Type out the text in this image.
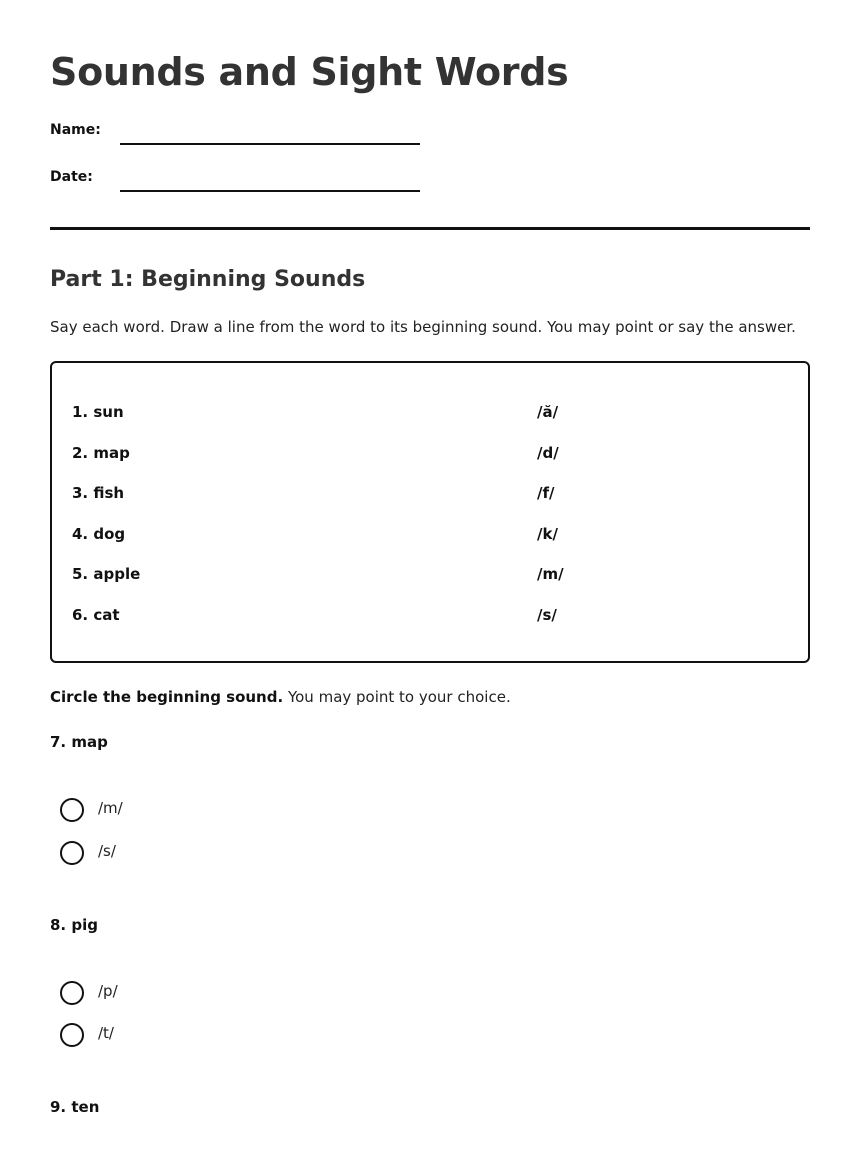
Sounds and Sight Words
Name:
Date:
Part 1: Beginning Sounds
Say each word. Draw a line from the word to its beginning sound. You may point or say the answer.
1. sun	/ă/
2. map	/d/
3. fish	/f/
4. dog	/k/
5. apple	/m/
6. cat	/s/
Circle the beginning sound. You may point to your choice.
7. map
/m/
/s/
8. pig
/p/
/t/
9. ten
